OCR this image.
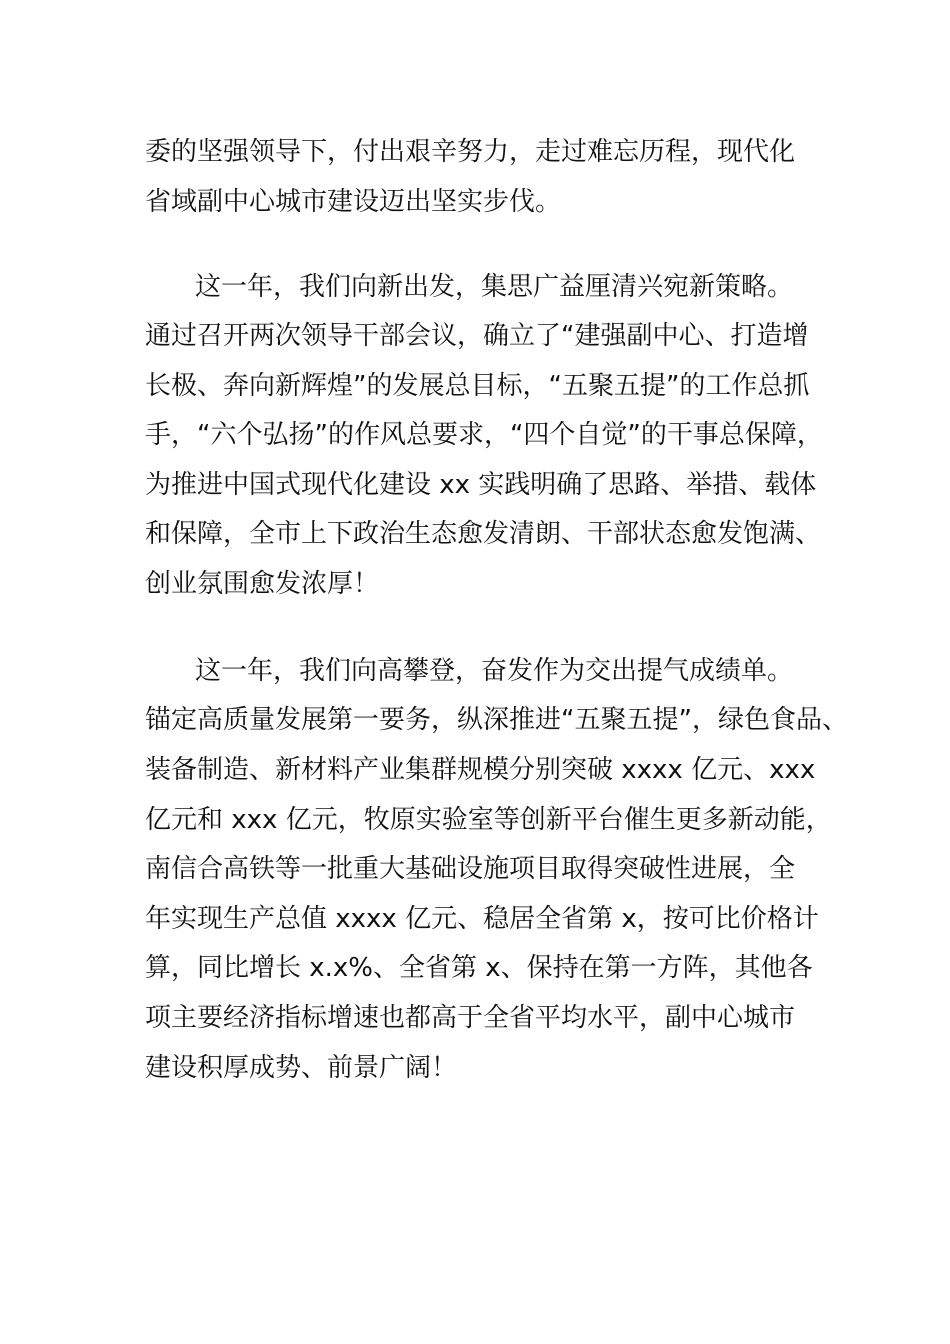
委的坚强领导下，付出艰辛努力，走过难忘历程，现代化
省域副中心城市建设迈出坚实步伐。
这一年，我们向新出发，集思广益厘清兴宛新策略。
通过召开两次领导干部会议，确立了“建强副中心、打造增
长极、奔向新辉煌”的发展总目标，“五聚五提”的工作总抓
手，“六个弘扬”的作风总要求，“四个自觉”的干事总保障，
为推进中国式现代化建设 xx 实践明确了思路、举措、载体
和保障，全市上下政治生态愈发清朗、干部状态愈发饱满、
创业氛围愈发浓厚！
这一年，我们向高攀登，奋发作为交出提气成绩单。
锚定高质量发展第一要务，纵深推进“五聚五提”，绿色食品、
装备制造、新材料产业集群规模分别突破 xxxx 亿元、xxx
亿元和 xxx 亿元，牧原实验室等创新平台催生更多新动能，
南信合高铁等一批重大基础设施项目取得突破性进展，全
年实现生产总值 xxxx 亿元、稳居全省第 x，按可比价格计
算，同比增长 x.x%、全省第 x、保持在第一方阵，其他各
项主要经济指标增速也都高于全省平均水平，副中心城市
建设积厚成势、前景广阔！
